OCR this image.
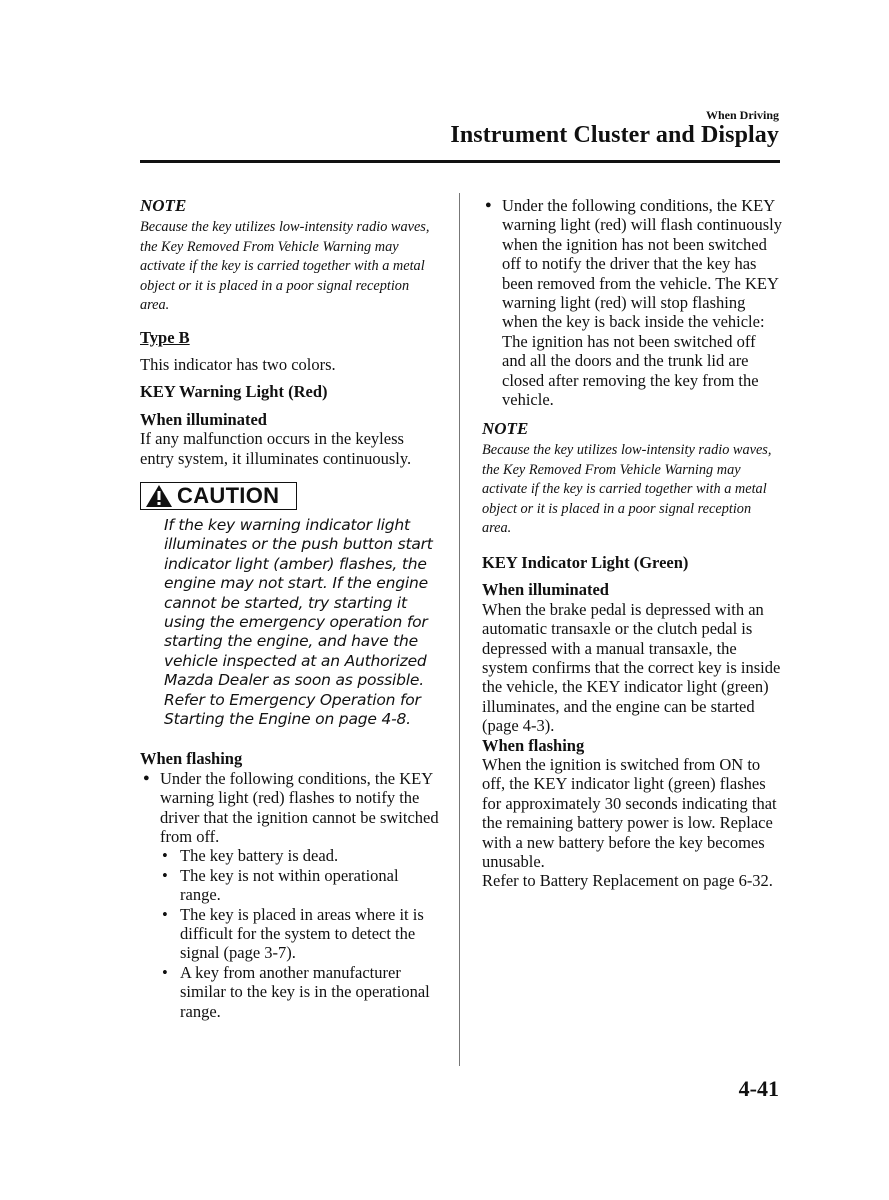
When Driving
Instrument Cluster and Display

NOTE

Because the key utilizes low-intensity radio waves, the Key Removed From Vehicle Warning may activate if the key is carried together with a metal object or it is placed in a poor signal reception area.

Type B

This indicator has two colors.

KEY Warning Light (Red)

When illuminated

If any malfunction occurs in the keyless entry system, it illuminates continuously.

CAUTION

If the key warning indicator light illuminates or the push button start indicator light (amber) flashes, the engine may not start. If the engine cannot be started, try starting it using the emergency operation for starting the engine, and have the vehicle inspected at an Authorized Mazda Dealer as soon as possible. Refer to Emergency Operation for Starting the Engine on page 4-8.

When flashing

● Under the following conditions, the KEY warning light (red) flashes to notify the driver that the ignition cannot be switched from off.
• The key battery is dead.
• The key is not within operational range.
• The key is placed in areas where it is difficult for the system to detect the signal (page 3-7).
• A key from another manufacturer similar to the key is in the operational range.
● Under the following conditions, the KEY warning light (red) will flash continuously when the ignition has not been switched off to notify the driver that the key has been removed from the vehicle. The KEY warning light (red) will stop flashing when the key is back inside the vehicle:
The ignition has not been switched off and all the doors and the trunk lid are closed after removing the key from the vehicle.

NOTE

Because the key utilizes low-intensity radio waves, the Key Removed From Vehicle Warning may activate if the key is carried together with a metal object or it is placed in a poor signal reception area.

KEY Indicator Light (Green)

When illuminated

When the brake pedal is depressed with an automatic transaxle or the clutch pedal is depressed with a manual transaxle, the system confirms that the correct key is inside the vehicle, the KEY indicator light (green) illuminates, and the engine can be started (page 4-3).

When flashing

When the ignition is switched from ON to off, the KEY indicator light (green) flashes for approximately 30 seconds indicating that the remaining battery power is low. Replace with a new battery before the key becomes unusable.

Refer to Battery Replacement on page 6-32.

4-41
